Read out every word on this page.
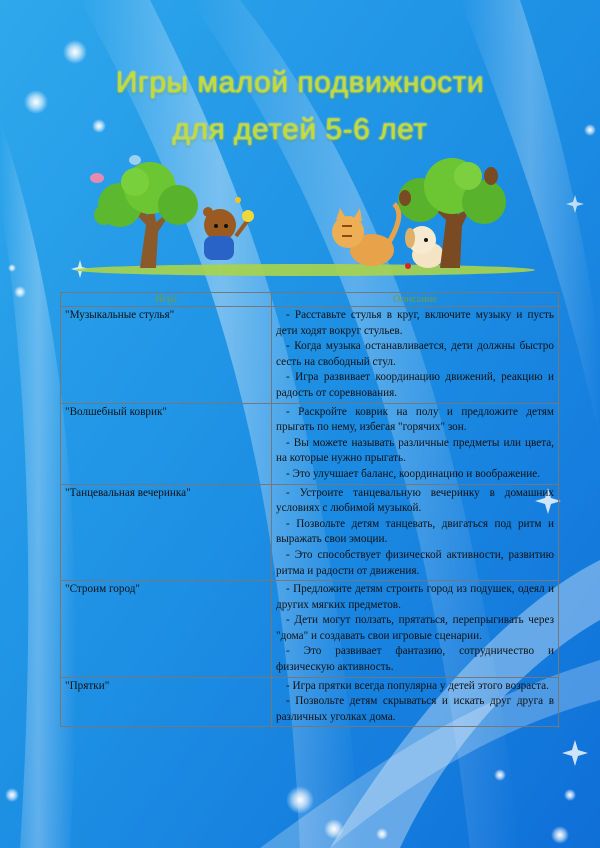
Игры малой подвижности
для детей 5-6 лет
Игра	Описание
"Музыкальные стулья"	- Расставьте стулья в круг, включите музыку и пусть дети ходят вокруг стульев.

- Когда музыка останавливается, дети должны быстро сесть на свободный стул.

- Игра развивает координацию движений, реакцию и радость от соревнования.

"Волшебный коврик"	- Раскройте коврик на полу и предложите детям прыгать по нему, избегая "горячих" зон.

- Вы можете называть различные предметы или цвета, на которые нужно прыгать.

- Это улучшает баланс, координацию и воображение.

"Танцевальная вечеринка"	- Устроите танцевальную вечеринку в домашних условиях с любимой музыкой.

- Позвольте детям танцевать, двигаться под ритм и выражать свои эмоции.

- Это способствует физической активности, развитию ритма и радости от движения.

"Строим город"	- Предложите детям строить город из подушек, одеял и других мягких предметов.

- Дети могут ползать, прятаться, перепрыгивать через "дома" и создавать свои игровые сценарии.

- Это развивает фантазию, сотрудничество и физическую активность.

"Прятки"	- Игра прятки всегда популярна у детей этого возраста.

- Позвольте детям скрываться и искать друг друга в различных уголках дома.
